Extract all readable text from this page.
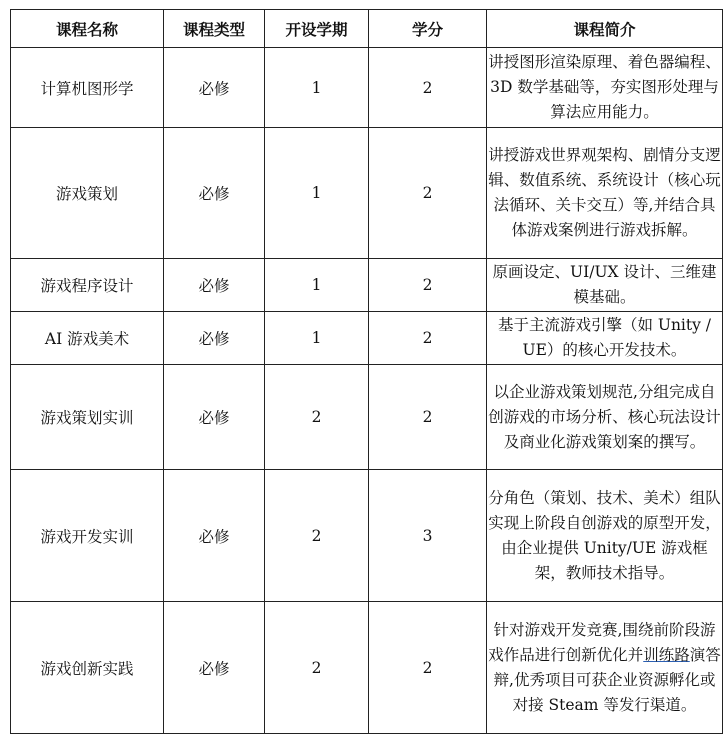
课程名称	课程类型	开设学期	学分	课程简介
计算机图形学	必修	1	2	讲授图形渲染原理、着色器编程、3D 数学基础等，夯实图形处理与算法应用能力。
游戏策划	必修	1	2	讲授游戏世界观架构、剧情分支逻辑、数值系统、系统设计（核心玩法循环、关卡交互）等,并结合具体游戏案例进行游戏拆解。
游戏程序设计	必修	1	2	原画设定、UI/UX 设计、三维建模基础。
AI 游戏美术	必修	1	2	基于主流游戏引擎（如 Unity / UE）的核心开发技术。
游戏策划实训	必修	2	2	以企业游戏策划规范,分组完成自创游戏的市场分析、核心玩法设计及商业化游戏策划案的撰写。
游戏开发实训	必修	2	3	分角色（策划、技术、美术）组队实现上阶段自创游戏的原型开发，由企业提供 Unity/UE 游戏框架，教师技术指导。
游戏创新实践	必修	2	2	针对游戏开发竞赛,围绕前阶段游戏作品进行创新优化并训练路演答辩,优秀项目可获企业资源孵化或对接 Steam 等发行渠道。
